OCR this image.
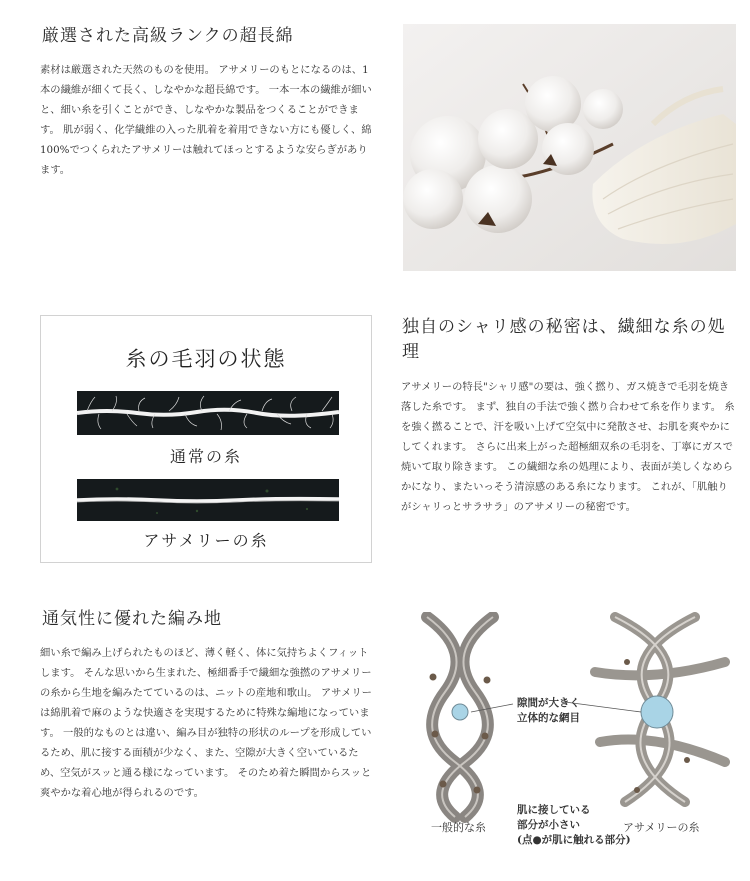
厳選された高級ランクの超長綿

素材は厳選された天然のものを使用。 アサメリーのもとになるのは、1本の繊維が細くて長く、しなやかな超長綿です。 一本一本の繊維が細いと、細い糸を引くことができ、しなやかな製品をつくることができます。 肌が弱く、化学繊維の入った肌着を着用できない方にも優しく、綿100%でつくられたアサメリーは触れてほっとするような安らぎがあります。

糸の毛羽の状態
通常の糸
アサメリーの糸
独自のシャリ感の秘密は、繊細な糸の処理

アサメリーの特長"シャリ感"の要は、強く撚り、ガス焼きで毛羽を焼き落した糸です。 まず、独自の手法で強く撚り合わせて糸を作ります。 糸を強く撚ることで、汗を吸い上げて空気中に発散させ、お肌を爽やかにしてくれます。 さらに出来上がった超極細双糸の毛羽を、丁寧にガスで焼いて取り除きます。 この繊細な糸の処理により、表面が美しくなめらかになり、またいっそう清涼感のある糸になります。 これが、「肌触りがシャリっとサラサラ」のアサメリーの秘密です。

通気性に優れた編み地

細い糸で編み上げられたものほど、薄く軽く、体に気持ちよくフィットします。 そんな思いから生まれた、極細番手で繊細な強撚のアサメリーの糸から生地を編みたてているのは、ニットの産地和歌山。 アサメリー は綿肌着で麻のような快適さを実現するために特殊な編地になっています。 一般的なものとは違い、編み目が独特の形状のループを形成しているため、肌に接する面積が少なく、また、空隙が大きく空いているため、空気がスッと通る様になっています。 そのため着た瞬間からスッと爽やかな着心地が得られるのです。

隙間が大きく
立体的な網目
一般的な糸	アサメリーの糸
肌に接している
部分が小さい
(点●が肌に触れる部分)
